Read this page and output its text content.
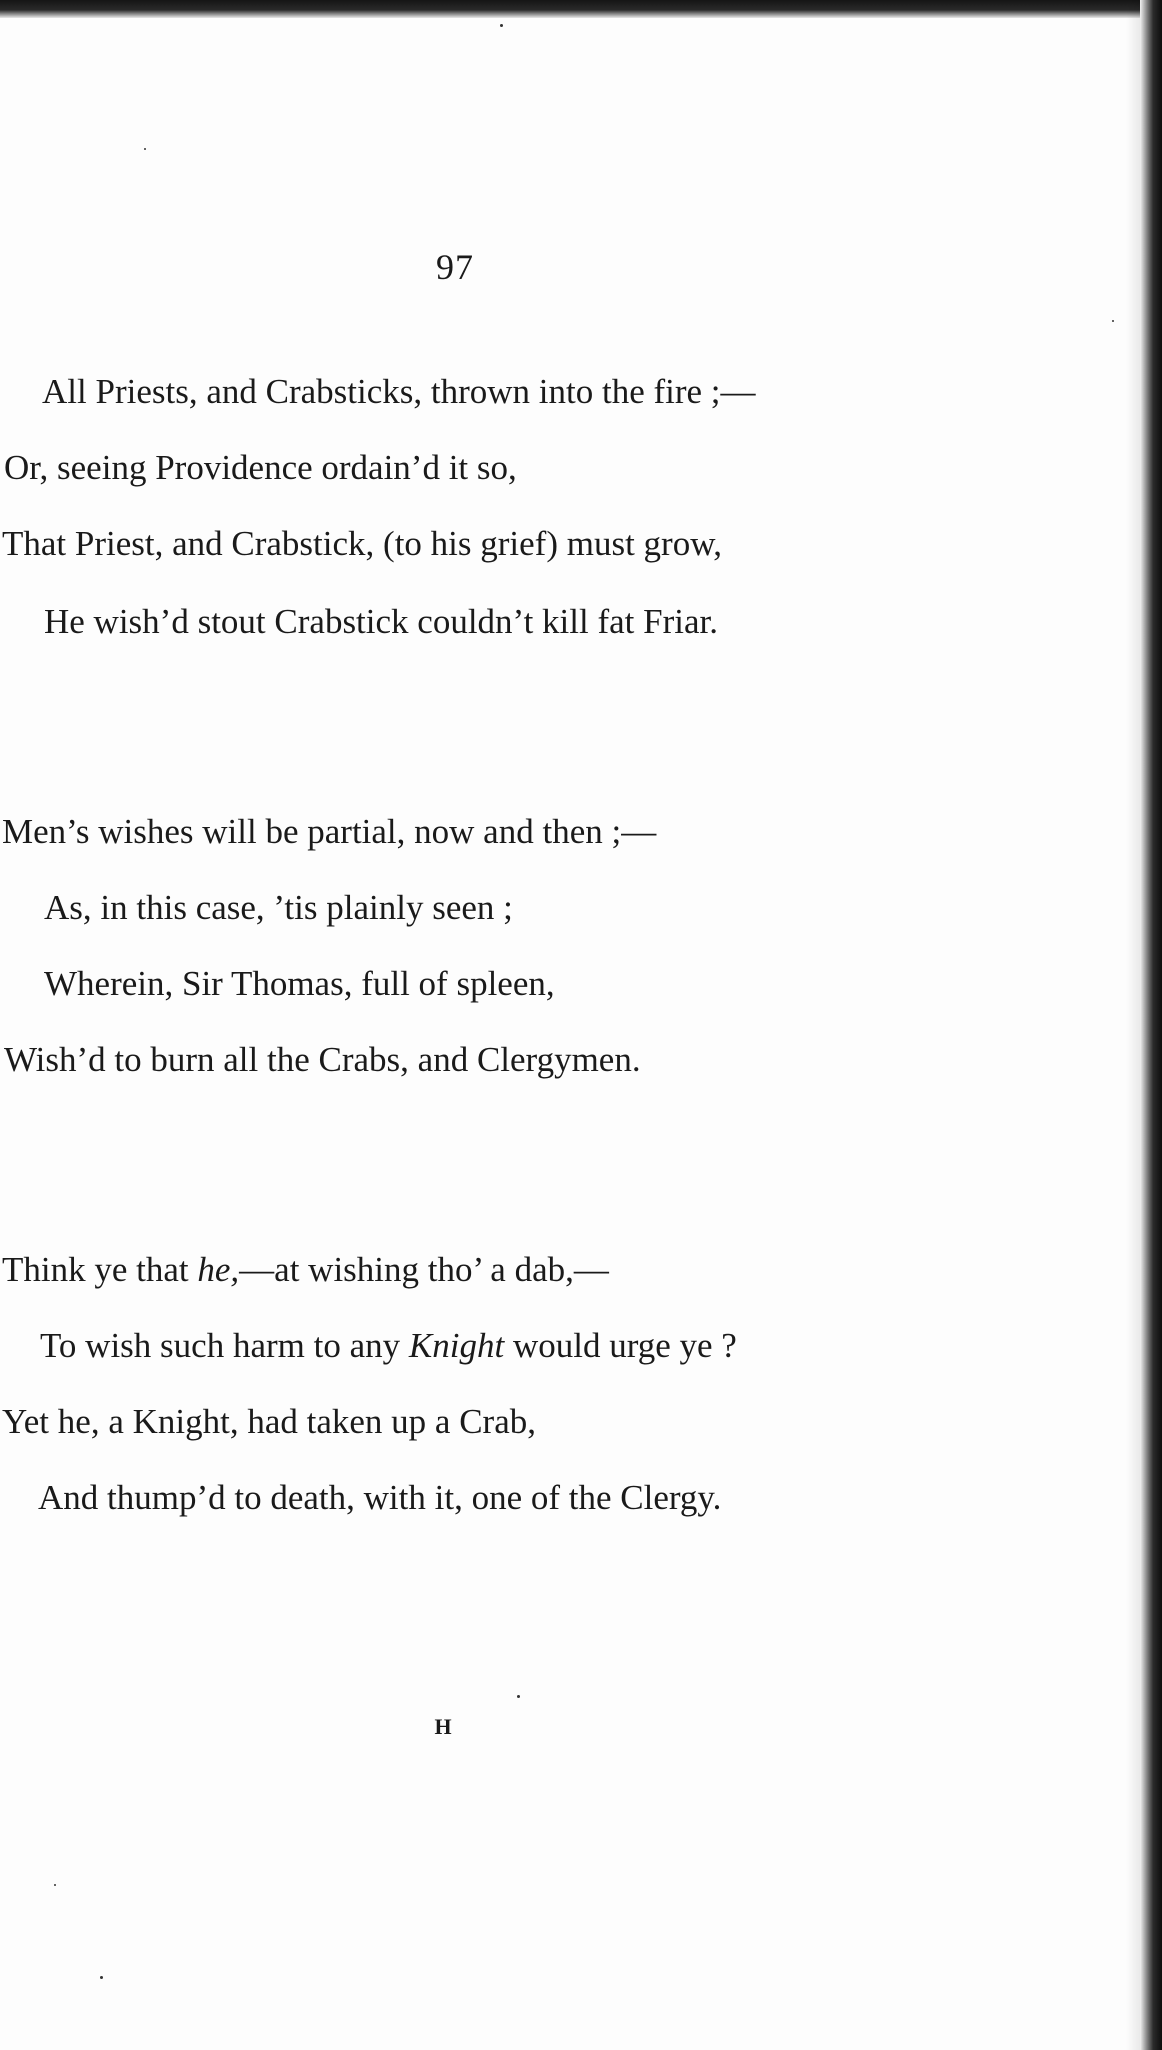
97
All Priests, and Crabsticks, thrown into the fire ;—
Or, seeing Providence ordain’d it so,
That Priest, and Crabstick, (to his grief) must grow,
He wish’d stout Crabstick couldn’t kill fat Friar.
Men’s wishes will be partial, now and then ;—
As, in this case, ’tis plainly seen ;
Wherein, Sir Thomas, full of spleen,
Wish’d to burn all the Crabs, and Clergymen.
Think ye that he,—at wishing tho’ a dab,—
To wish such harm to any Knight would urge ye ?
Yet he, a Knight, had taken up a Crab,
And thump’d to death, with it, one of the Clergy.
H
